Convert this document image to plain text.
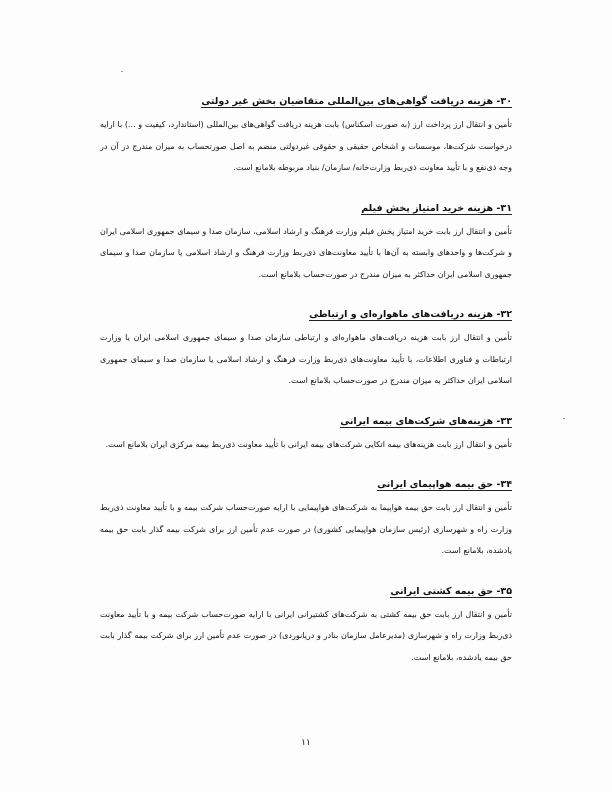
۳۰- هزینه دریافت گواهی‌های بین‌المللی متقاضیان بخش غیر دولتی

تأمین و انتقال ارز پرداخت ارز (به صورت اسکناس) بابت هزینه دریافت گواهی‌های بین‌المللی (استاندارد، کیفیت و ...) با ارایه درخواست شرکت‌ها، موسسات و اشخاص حقیقی و حقوقی غیردولتی منضم به اصل صورتحساب به میزان مندرج در آن در وجه ذی‌نفع و با تأیید معاونت ذی‌ربط وزارت‌خانه/ سازمان/ بنیاد مربوطه بلامانع است.

۳۱- هزینه خرید امتیاز پخش فیلم

تأمین و انتقال ارز بابت خرید امتیاز پخش فیلم وزارت فرهنگ و ارشاد اسلامی، سازمان صدا و سیمای جمهوری اسلامی ایران و شرکت‌ها و واحدهای وابسته به آن‌ها با تأیید معاونت‌های ذی‌ربط وزارت فرهنگ و ارشاد اسلامی یا سازمان صدا و سیمای جمهوری اسلامی ایران حداکثر به میزان مندرج در صورت‌حساب بلامانع است.

۳۲- هزینه دریافت‌های ماهواره‌ای و ارتباطی

تأمین و انتقال ارز بابت هزینه دریافت‌های ماهواره‌ای و ارتباطی سازمان صدا و سیمای جمهوری اسلامی ایران یا وزارت ارتباطات و فناوری اطلاعات، با تأیید معاونت‌های ذی‌ربط وزارت فرهنگ و ارشاد اسلامی یا سازمان صدا و سیمای جمهوری اسلامی ایران حداکثر به میزان مندرج در صورت‌حساب بلامانع است.

۳۳- هزینه‌های شرکت‌های بیمه ایرانی

تأمین و انتقال ارز بابت هزینه‌های بیمه اتکایی شرکت‌های بیمه ایرانی با تأیید معاونت ذی‌ربط بیمه مرکزی ایران بلامانع است.

۳۴- حق بیمه هواپیمای ایرانی

تأمین و انتقال ارز بابت حق بیمه هواپیما به شرکت‌های هواپیمایی با ارایه صورت‌حساب شرکت بیمه و با تأیید معاونت ذی‌ربط وزارت راه و شهرسازی (رئیس سازمان هواپیمایی کشوری) در صورت عدم تأمین ارز برای شرکت بیمه گذار بابت حق بیمه یادشده، بلامانع است.

۳۵- حق بیمه کشتی ایرانی

تأمین و انتقال ارز بابت حق بیمه کشتی به شرکت‌های کشتیرانی ایرانی با ارایه صورت‌حساب شرکت بیمه و با تأیید معاونت ذی‌ربط وزارت راه و شهرسازی (مدیرعامل سازمان بنادر و دریانوردی) در صورت عدم تأمین ارز برای شرکت بیمه گذار بابت حق بیمه یادشده، بلامانع است.

۱۱
